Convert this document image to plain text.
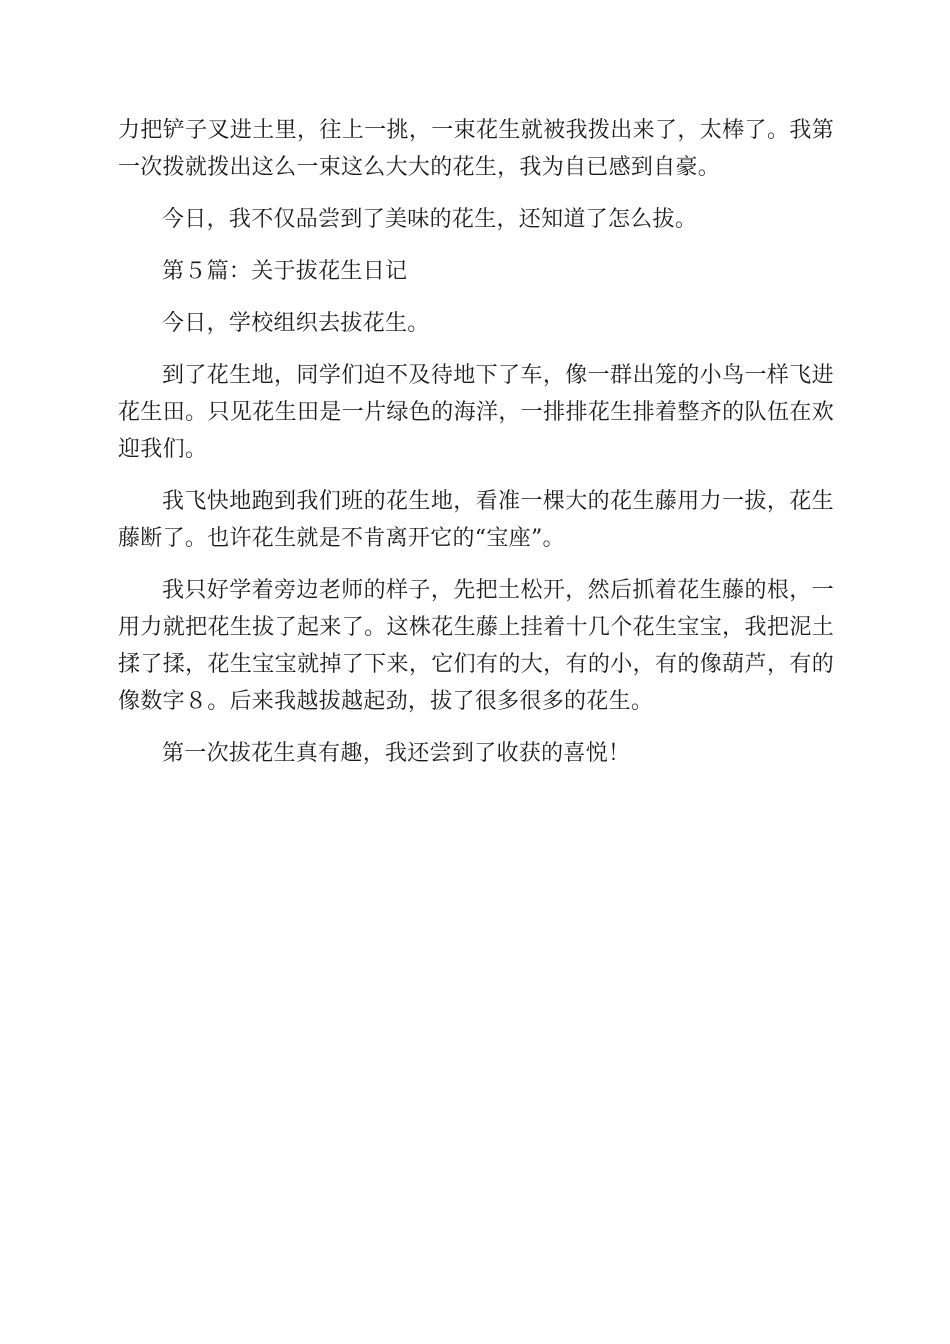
力把铲子叉进土里，往上一挑，一束花生就被我拨出来了，太棒了。我第一次拨就拨出这么一束这么大大的花生，我为自已感到自豪。

今日，我不仅品尝到了美味的花生，还知道了怎么拔。

第５篇：关于拔花生日记

今日，学校组织去拔花生。

到了花生地，同学们迫不及待地下了车，像一群出笼的小鸟一样飞进花生田。只见花生田是一片绿色的海洋，一排排花生排着整齐的队伍在欢迎我们。

我飞快地跑到我们班的花生地，看准一棵大的花生藤用力一拔，花生藤断了。也许花生就是不肯离开它的“宝座”。

我只好学着旁边老师的样子，先把土松开，然后抓着花生藤的根，一用力就把花生拔了起来了。这株花生藤上挂着十几个花生宝宝，我把泥土揉了揉，花生宝宝就掉了下来，它们有的大，有的小，有的像葫芦，有的像数字８。后来我越拔越起劲，拔了很多很多的花生。

第一次拔花生真有趣，我还尝到了收获的喜悦！
